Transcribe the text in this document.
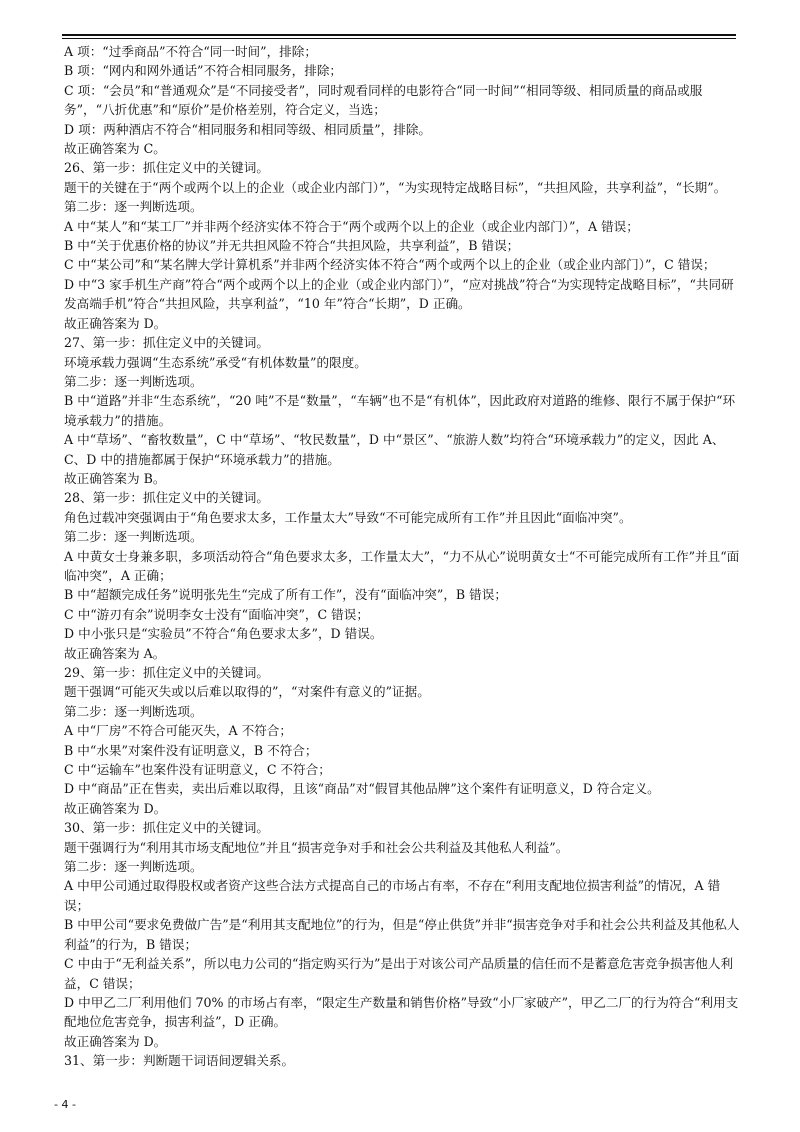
A 项：“过季商品”不符合“同一时间”，排除；

B 项：“网内和网外通话”不符合相同服务，排除；

C 项：“会员”和“普通观众”是“不同接受者”，同时观看同样的电影符合“同一时间”“相同等级、相同质量的商品或服务”，“八折优惠”和“原价”是价格差别，符合定义，当选；

D 项：两种酒店不符合“相同服务和相同等级、相同质量”，排除。

故正确答案为 C。

26、第一步：抓住定义中的关键词。

题干的关键在于“两个或两个以上的企业（或企业内部门）”，“为实现特定战略目标”，“共担风险，共享利益”，“长期”。

第二步：逐一判断选项。

A 中“某人”和“某工厂”并非两个经济实体不符合于“两个或两个以上的企业（或企业内部门）”，A 错误；

B 中“关于优惠价格的协议”并无共担风险不符合“共担风险，共享利益”，B 错误；

C 中“某公司”和“某名牌大学计算机系”并非两个经济实体不符合“两个或两个以上的企业（或企业内部门）”，C 错误；

D 中“3 家手机生产商”符合“两个或两个以上的企业（或企业内部门）”，“应对挑战”符合“为实现特定战略目标”，“共同研发高端手机”符合“共担风险，共享利益”，“10 年”符合“长期”，D 正确。

故正确答案为 D。

27、第一步：抓住定义中的关键词。

环境承载力强调“生态系统”承受“有机体数量”的限度。

第二步：逐一判断选项。

B 中“道路”并非“生态系统”，“20 吨”不是“数量”，“车辆”也不是“有机体”，因此政府对道路的维修、限行不属于保护“环境承载力”的措施。

A 中“草场”、“畜牧数量”，C 中“草场”、“牧民数量”，D 中“景区”、“旅游人数”均符合“环境承载力”的定义，因此 A、C、D 中的措施都属于保护“环境承载力”的措施。

故正确答案为 B。

28、第一步：抓住定义中的关键词。

角色过载冲突强调由于“角色要求太多，工作量太大”导致“不可能完成所有工作”并且因此“面临冲突”。

第二步：逐一判断选项。

A 中黄女士身兼多职，多项活动符合“角色要求太多，工作量太大”，“力不从心”说明黄女士“不可能完成所有工作”并且“面临冲突”，A 正确；

B 中“超额完成任务”说明张先生“完成了所有工作”，没有“面临冲突”，B 错误；

C 中“游刃有余”说明李女士没有“面临冲突”，C 错误；

D 中小张只是“实验员”不符合“角色要求太多”，D 错误。

故正确答案为 A。

29、第一步：抓住定义中的关键词。

题干强调“可能灭失或以后难以取得的”，“对案件有意义的”证据。

第二步：逐一判断选项。

A 中“厂房”不符合可能灭失，A 不符合；

B 中“水果”对案件没有证明意义，B 不符合；

C 中“运输车”也案件没有证明意义，C 不符合；

D 中“商品”正在售卖，卖出后难以取得，且该“商品”对“假冒其他品牌”这个案件有证明意义，D 符合定义。

故正确答案为 D。

30、第一步：抓住定义中的关键词。

题干强调行为“利用其市场支配地位”并且“损害竞争对手和社会公共利益及其他私人利益”。

第二步：逐一判断选项。

A 中甲公司通过取得股权或者资产这些合法方式提高自己的市场占有率，不存在“利用支配地位损害利益”的情况，A 错误；

B 中甲公司“要求免费做广告”是“利用其支配地位”的行为，但是“停止供货”并非“损害竞争对手和社会公共利益及其他私人利益”的行为，B 错误；

C 中由于“无利益关系”，所以电力公司的“指定购买行为”是出于对该公司产品质量的信任而不是蓄意危害竞争损害他人利益，C 错误；

D 中甲乙二厂利用他们 70% 的市场占有率，“限定生产数量和销售价格”导致“小厂家破产”，甲乙二厂的行为符合“利用支配地位危害竞争，损害利益”，D 正确。

故正确答案为 D。

31、第一步：判断题干词语间逻辑关系。

- 4 -
